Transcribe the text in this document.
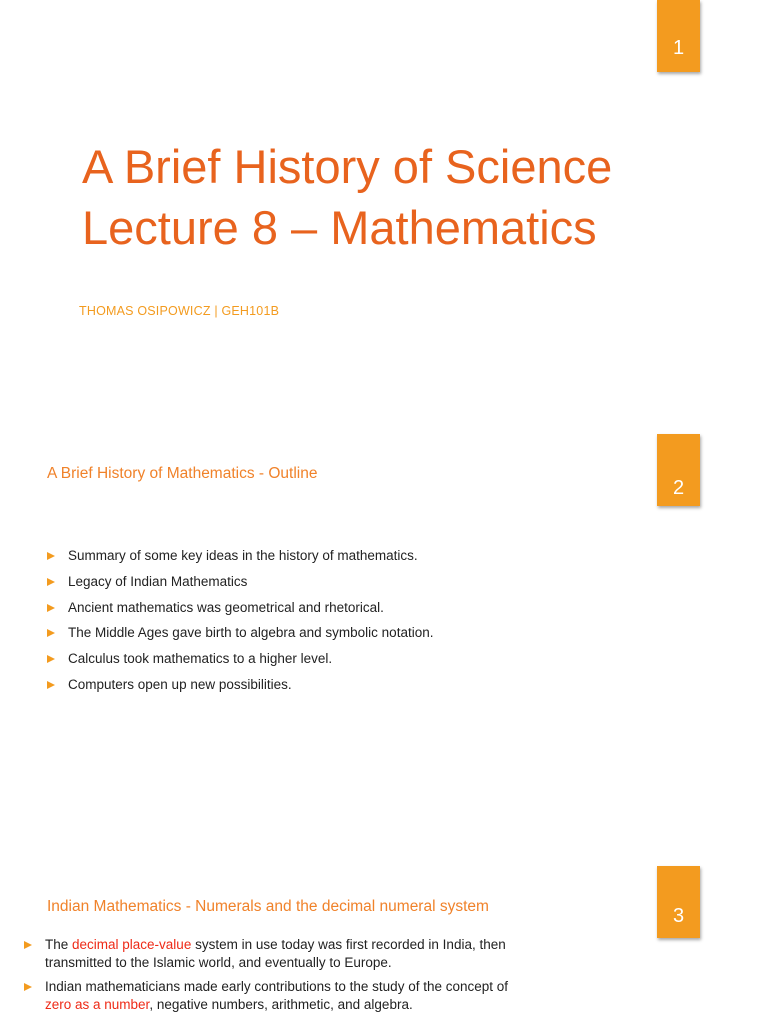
1
A Brief History of Science
Lecture 8 – Mathematics
THOMAS OSIPOWICZ | GEH101B
2
A Brief History of Mathematics - Outline
Summary of some key ideas in the history of mathematics.
Legacy of Indian Mathematics
Ancient mathematics was geometrical and rhetorical.
The Middle Ages gave birth to algebra and symbolic notation.
Calculus took mathematics to a higher level.
Computers open up new possibilities.
3
Indian Mathematics - Numerals and the decimal numeral system
The decimal place-value system in use today was first recorded in India, then
transmitted to the Islamic world, and eventually to Europe.
Indian mathematicians made early contributions to the study of the concept of
zero as a number, negative numbers, arithmetic, and algebra.
